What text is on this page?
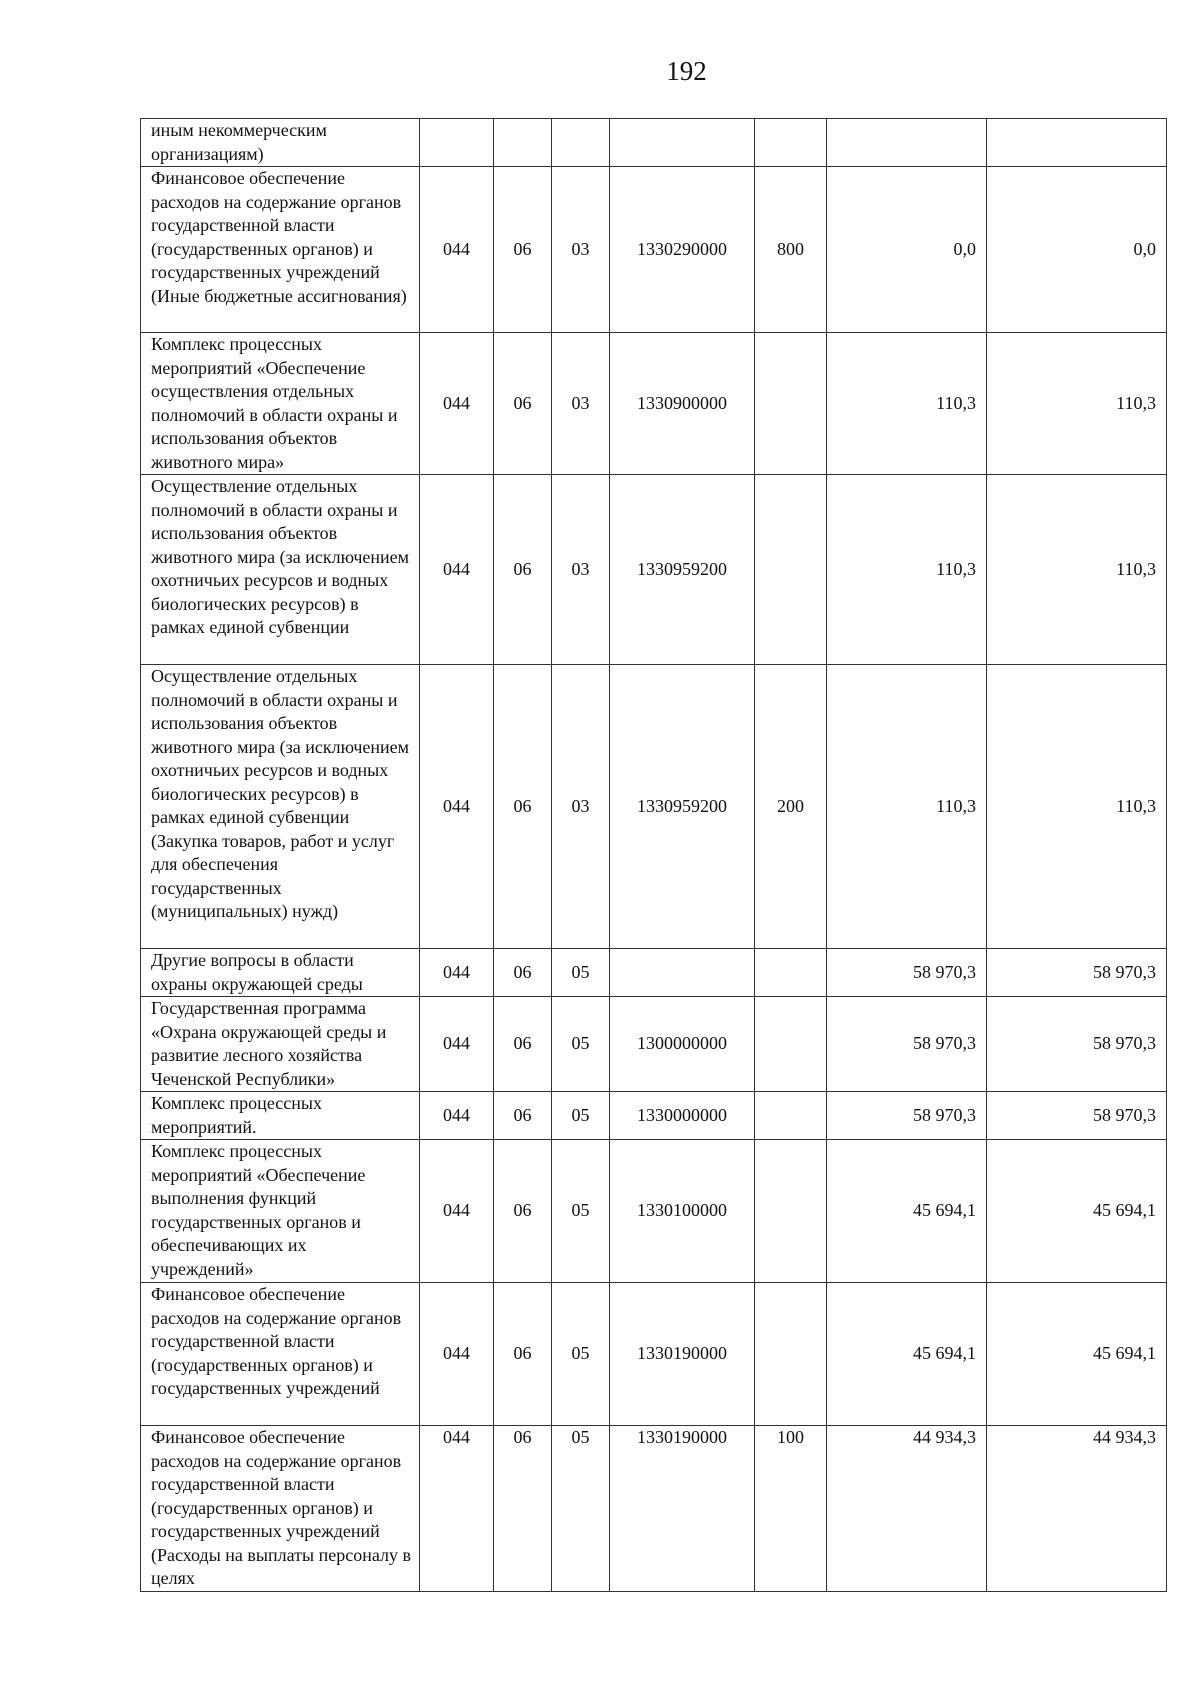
192
иным некоммерческим организациям)							
Финансовое обеспечение расходов на содержание органов государственной власти (государственных органов) и государственных учреждений (Иные бюджетные ассигнования)	044	06	03	1330290000	800	0,0	0,0
Комплекс процессных мероприятий «Обеспечение осуществления отдельных полномочий в области охраны и использования объектов животного мира»	044	06	03	1330900000		110,3	110,3
Осуществление отдельных полномочий в области охраны и использования объектов животного мира (за исключением охотничьих ресурсов и водных биологических ресурсов) в рамках единой субвенции	044	06	03	1330959200		110,3	110,3
Осуществление отдельных полномочий в области охраны и использования объектов животного мира (за исключением охотничьих ресурсов и водных биологических ресурсов) в рамках единой субвенции (Закупка товаров, работ и услуг для обеспечения государственных (муниципальных) нужд)	044	06	03	1330959200	200	110,3	110,3
Другие вопросы в области охраны окружающей среды	044	06	05			58 970,3	58 970,3
Государственная программа «Охрана окружающей среды и развитие лесного хозяйства Чеченской Республики»	044	06	05	1300000000		58 970,3	58 970,3
Комплекс процессных мероприятий.	044	06	05	1330000000		58 970,3	58 970,3
Комплекс процессных мероприятий «Обеспечение выполнения функций государственных органов и обеспечивающих их учреждений»	044	06	05	1330100000		45 694,1	45 694,1
Финансовое обеспечение расходов на содержание органов государственной власти (государственных органов) и государственных учреждений	044	06	05	1330190000		45 694,1	45 694,1
Финансовое обеспечение расходов на содержание органов государственной власти (государственных органов) и государственных учреждений (Расходы на выплаты персоналу в целях	044	06	05	1330190000	100	44 934,3	44 934,3
